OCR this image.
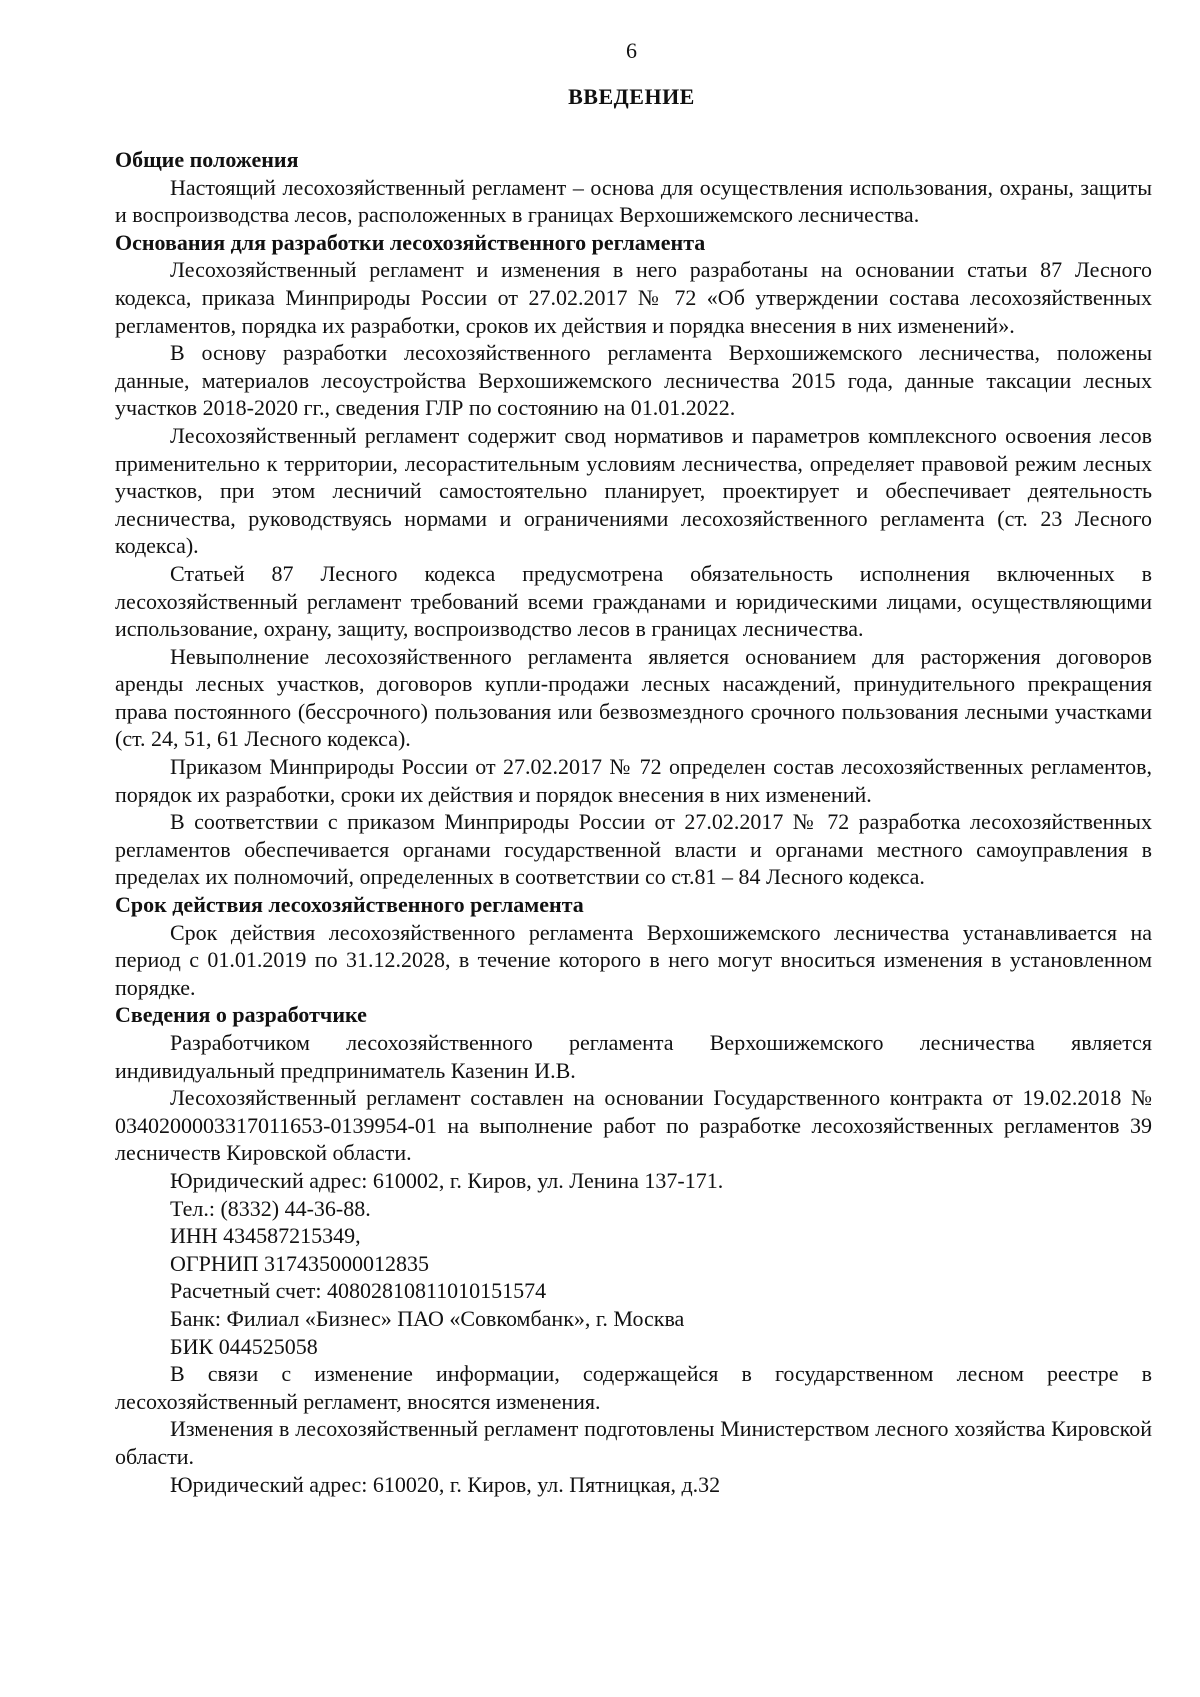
6
ВВЕДЕНИЕ
Общие положения

Настоящий лесохозяйственный регламент – основа для осуществления использования, охраны, защиты и воспроизводства лесов, расположенных в границах Верхошижемского лесничества.

Основания для разработки лесохозяйственного регламента

Лесохозяйственный регламент и изменения в него разработаны на основании статьи 87 Лесного кодекса, приказа Минприроды России от 27.02.2017 № 72 «Об утверждении состава лесохозяйственных регламентов, порядка их разработки, сроков их действия и порядка внесения в них изменений».

В основу разработки лесохозяйственного регламента Верхошижемского лесничества, положены данные, материалов лесоустройства Верхошижемского лесничества 2015 года, данные таксации лесных участков 2018-2020 гг., сведения ГЛР по состоянию на 01.01.2022.

Лесохозяйственный регламент содержит свод нормативов и параметров комплексного освоения лесов применительно к территории, лесорастительным условиям лесничества, определяет правовой режим лесных участков, при этом лесничий самостоятельно планирует, проектирует и обеспечивает деятельность лесничества, руководствуясь нормами и ограничениями лесохозяйственного регламента (ст. 23 Лесного кодекса).

Статьей 87 Лесного кодекса предусмотрена обязательность исполнения включенных в лесохозяйственный регламент требований всеми гражданами и юридическими лицами, осуществляющими использование, охрану, защиту, воспроизводство лесов в границах лесничества.

Невыполнение лесохозяйственного регламента является основанием для расторжения договоров аренды лесных участков, договоров купли-продажи лесных насаждений, принудительного прекращения права постоянного (бессрочного) пользования или безвозмездного срочного пользования лесными участками (ст. 24, 51, 61 Лесного кодекса).

Приказом Минприроды России от 27.02.2017 № 72 определен состав лесохозяйственных регламентов, порядок их разработки, сроки их действия и порядок внесения в них изменений.

В соответствии с приказом Минприроды России от 27.02.2017 № 72 разработка лесохозяйственных регламентов обеспечивается органами государственной власти и органами местного самоуправления в пределах их полномочий, определенных в соответствии со ст.81 – 84 Лесного кодекса.

Срок действия лесохозяйственного регламента

Срок действия лесохозяйственного регламента Верхошижемского лесничества устанавливается на период с 01.01.2019 по 31.12.2028, в течение которого в него могут вноситься изменения в установленном порядке.

Сведения о разработчике

Разработчиком лесохозяйственного регламента Верхошижемского лесничества является индивидуальный предприниматель Казенин И.В.

Лесохозяйственный регламент составлен на основании Государственного контракта от 19.02.2018 № 0340200003317011653-0139954-01 на выполнение работ по разработке лесохозяйственных регламентов 39 лесничеств Кировской области.

Юридический адрес: 610002, г. Киров, ул. Ленина 137-171.
Тел.: (8332) 44-36-88.
ИНН 434587215349,
ОГРНИП 317435000012835
Расчетный счет: 40802810811010151574
Банк: Филиал «Бизнес» ПАО «Совкомбанк», г. Москва
БИК 044525058

В связи с изменение информации, содержащейся в государственном лесном реестре в лесохозяйственный регламент, вносятся изменения.

Изменения в лесохозяйственный регламент подготовлены Министерством лесного хозяйства Кировской области.

Юридический адрес: 610020, г. Киров, ул. Пятницкая, д.32
